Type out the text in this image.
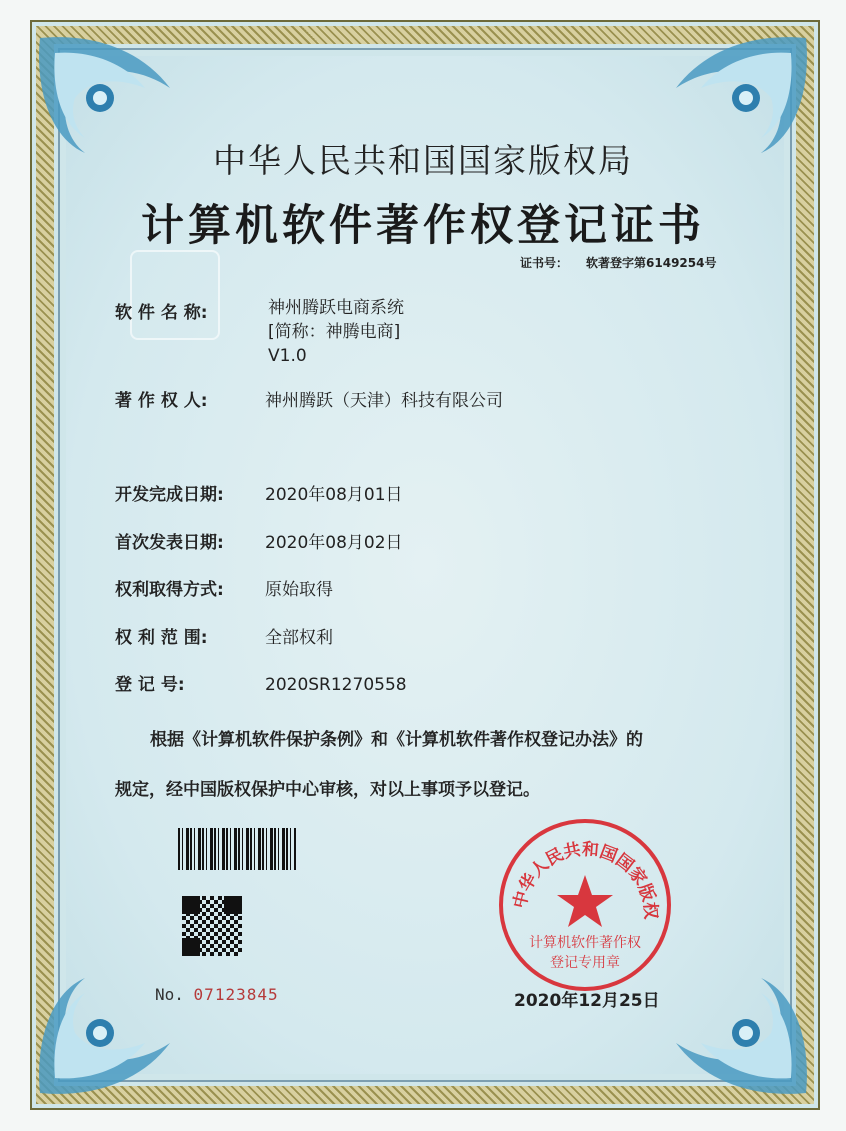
中华人民共和国国家版权局
计算机软件著作权登记证书
证书号： 软著登字第6149254号
软 件 名 称:	神州腾跃电商系统
[简称：神腾电商]
V1.0
著 作 权 人:	神州腾跃（天津）科技有限公司
开发完成日期: 2020年08月01日
首次发表日期: 2020年08月02日
权利取得方式: 原始取得
权 利 范 围:	全部权利
登 记 号:	2020SR1270558
根据《计算机软件保护条例》和《计算机软件著作权登记办法》的
规定，经中国版权保护中心审核，对以上事项予以登记。
No. 07123845
中华人民共和国国家版权
计算机软件著作权
登记专用章
2020年12月25日
